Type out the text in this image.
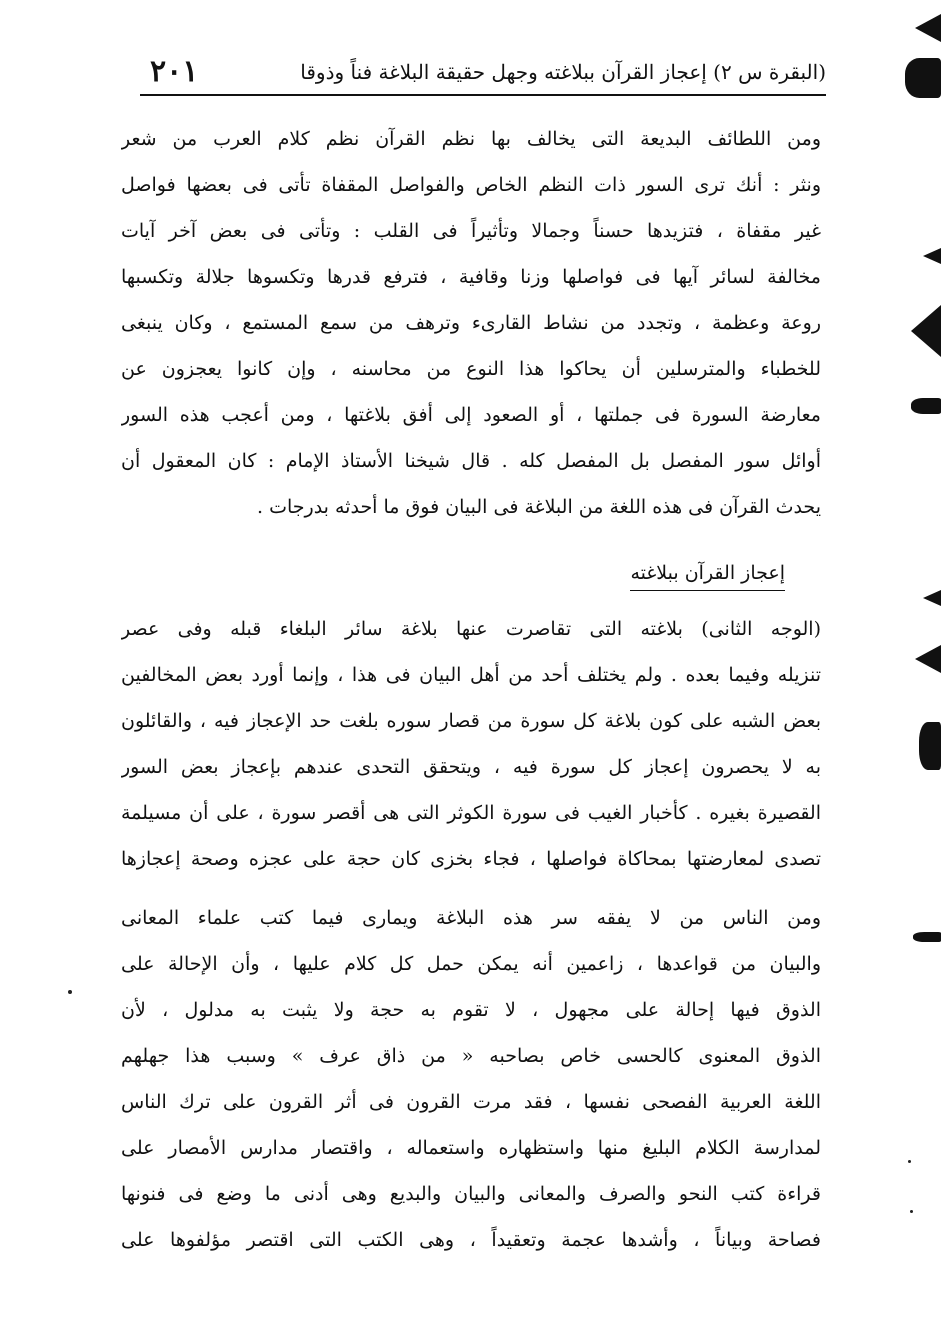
(البقرة س ٢) إعجاز القرآن ببلاغته وجهل حقيقة البلاغة فناً وذوقا
٢٠١
ومن اللطائف البديعة التى يخالف بها نظم القرآن نظم كلام العرب من شعر
ونثر : أنك ترى السور ذات النظم الخاص والفواصل المقفاة تأتى فى بعضها فواصل
غير مقفاة ، فتزيدها حسناً وجمالا وتأثيراً فى القلب : وتأتى فى بعض آخر آيات
مخالفة لسائر آيها فى فواصلها وزنا وقافية ، فترفع قدرها وتكسوها جلالة وتكسبها
روعة وعظمة ، وتجدد من نشاط القارىء وترهف من سمع المستمع ، وكان ينبغى
للخطباء والمترسلين أن يحاكوا هذا النوع من محاسنه ، وإن كانوا يعجزون عن
معارضة السورة فى جملتها ، أو الصعود إلى أفق بلاغتها ، ومن أعجب هذه السور
أوائل سور المفصل بل المفصل كله . قال شيخنا الأستاذ الإمام : كان المعقول أن
يحدث القرآن فى هذه اللغة من البلاغة فى البيان فوق ما أحدثه بدرجات .
إعجاز القرآن ببلاغته
(الوجه الثانى) بلاغته التى تقاصرت عنها بلاغة سائر البلغاء قبله وفى عصر
تنزيله وفيما بعده . ولم يختلف أحد من أهل البيان فى هذا ، وإنما أورد بعض المخالفين
بعض الشبه على كون بلاغة كل سورة من قصار سوره بلغت حد الإعجاز فيه ، والقائلون
به لا يحصرون إعجاز كل سورة فيه ، ويتحقق التحدى عندهم بإعجاز بعض السور
القصيرة بغيره . كأخبار الغيب فى سورة الكوثر التى هى أقصر سورة ، على أن مسيلمة
تصدى لمعارضتها بمحاكاة فواصلها ، فجاء بخزى كان حجة على عجزه وصحة إعجازها
ومن الناس من لا يفقه سر هذه البلاغة ويمارى فيما كتب علماء المعانى
والبيان من قواعدها ، زاعمين أنه يمكن حمل كل كلام عليها ، وأن الإحالة على
الذوق فيها إحالة على مجهول ، لا تقوم به حجة ولا يثبت به مدلول ، لأن
الذوق المعنوى كالحسى خاص بصاحبه « من ذاق عرف » وسبب هذا جهلهم
اللغة العربية الفصحى نفسها ، فقد مرت القرون فى أثر القرون على ترك الناس
لمدارسة الكلام البليغ منها واستظهاره واستعماله ، واقتصار مدارس الأمصار على
قراءة كتب النحو والصرف والمعانى والبيان والبديع وهى أدنى ما وضع فى فنونها
فصاحة وبياناً ، وأشدها عجمة وتعقيداً ، وهى الكتب التى اقتصر مؤلفوها على
